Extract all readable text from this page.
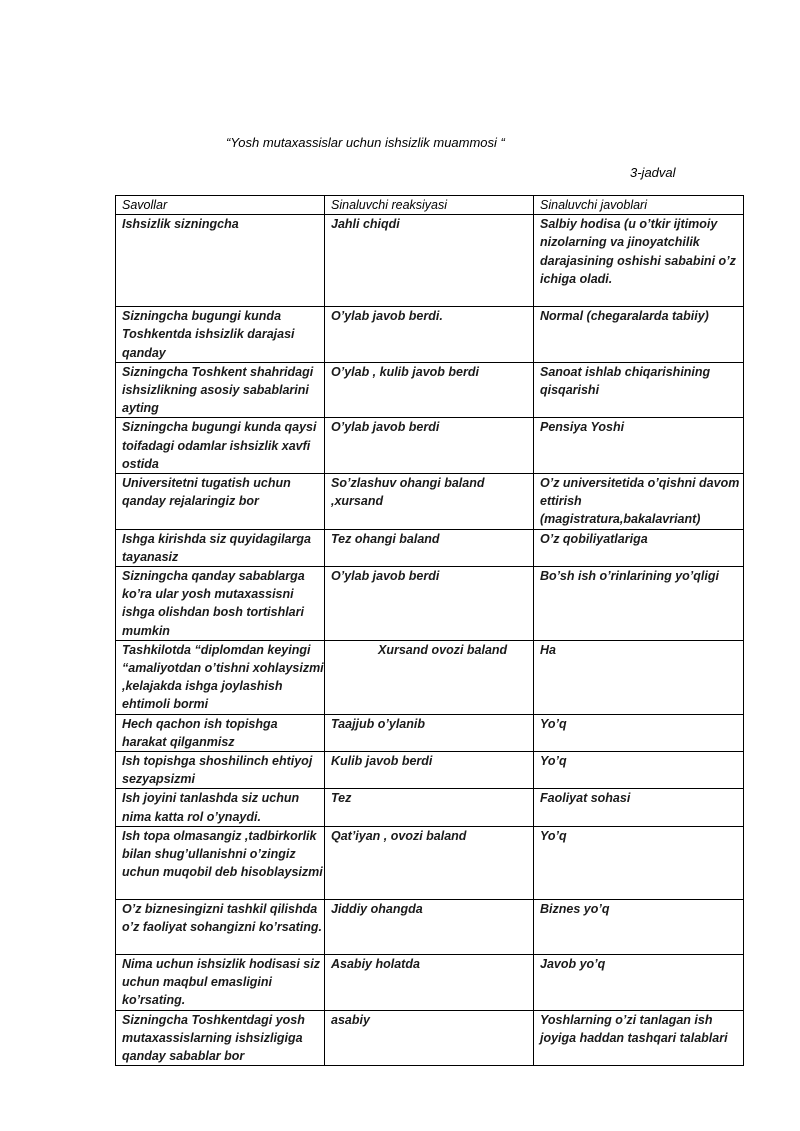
“Yosh mutaxassislar uchun ishsizlik muammosi “
3-jadval
Savollar	Sinaluvchi reaksiyasi	Sinaluvchi javoblari
Ishsizlik sizningcha	Jahli chiqdi	Salbiy hodisa (u o’tkir ijtimoiy nizolarning va jinoyatchilik darajasining oshishi sababini o’z ichiga oladi.
Sizningcha bugungi kunda Toshkentda ishsizlik darajasi qanday	O’ylab javob berdi.	Normal (chegaralarda tabiiy)
Sizningcha Toshkent shahridagi ishsizlikning asosiy sabablarini ayting	O’ylab , kulib javob berdi	Sanoat ishlab chiqarishining qisqarishi
Sizningcha bugungi kunda qaysi toifadagi odamlar ishsizlik xavfi ostida	O’ylab javob berdi	Pensiya Yoshi
Universitetni tugatish uchun qanday rejalaringiz bor	So’zlashuv ohangi baland ,xursand	O’z universitetida o’qishni davom ettirish (magistratura,bakalavriant)
Ishga kirishda siz quyidagilarga tayanasiz	Tez ohangi baland	O’z qobiliyatlariga
Sizningcha qanday sabablarga ko’ra ular yosh mutaxassisni ishga olishdan bosh tortishlari mumkin	O’ylab javob berdi	Bo’sh ish o’rinlarining yo’qligi
Tashkilotda “diplomdan keyingi “amaliyotdan o’tishni xohlaysizmi ,kelajakda ishga joylashish ehtimoli bormi	Xursand ovozi baland	Ha
Hech qachon ish topishga harakat qilganmisz	Taajjub o’ylanib	Yo’q
Ish topishga shoshilinch ehtiyoj sezyapsizmi	Kulib javob berdi	Yo’q
Ish joyini tanlashda siz uchun nima katta rol o’ynaydi.	Tez	Faoliyat sohasi
Ish topa olmasangiz ,tadbirkorlik bilan shug’ullanishni o’zingiz uchun muqobil deb hisoblaysizmi	Qat’iyan , ovozi baland	Yo’q
O’z biznesingizni tashkil qilishda o’z faoliyat sohangizni ko’rsating.	Jiddiy ohangda	Biznes yo’q
Nima uchun ishsizlik hodisasi siz uchun maqbul emasligini ko’rsating.	Asabiy holatda	Javob yo’q
Sizningcha Toshkentdagi yosh mutaxassislarning ishsizligiga qanday sabablar bor	asabiy	Yoshlarning o’zi tanlagan ish joyiga haddan tashqari talablari
